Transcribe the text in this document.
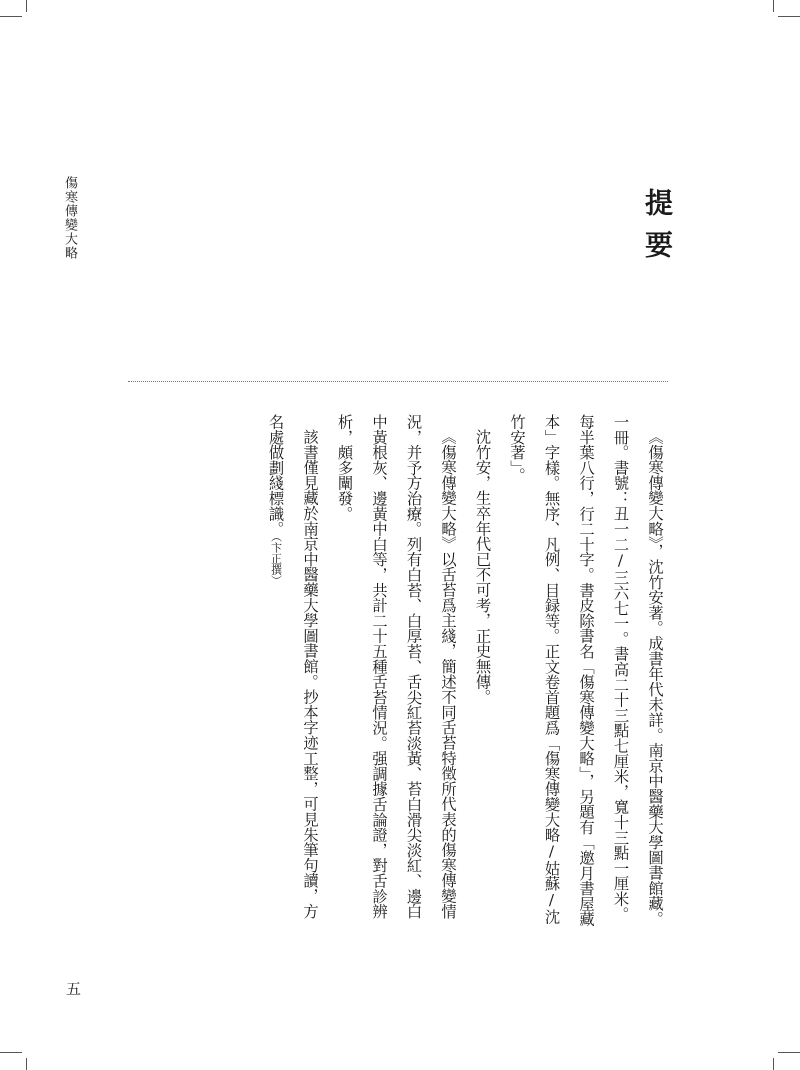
傷寒傳變大略	提要

《傷寒傳變大略》，沈竹安著。成書年代未詳。南京中醫藥大學圖書館藏。一冊。書號：丑一二/三六七一。書高二十三點七厘米，寬十三點一厘米。每半葉八行，行二十字。書皮除書名「傷寒傳變大略」，另題有「邀月書屋藏本」字樣。無序、凡例、目録等。正文卷首題爲「傷寒傳變大略/姑蘇/沈竹安著」。

沈竹安，生卒年代已不可考，正史無傳。

《傷寒傳變大略》以舌苔爲主綫，簡述不同舌苔特徵所代表的傷寒傳變情況，并予方治療。列有白苔、白厚苔、舌尖紅苔淡黃、苔白滑尖淡紅、邊白中黃根灰、邊黃中白等，共計二十五種舌苔情況。强調據舌論證，對舌診辨析，頗多闡發。

該書僅見藏於南京中醫藥大學圖書館。抄本字迹工整，可見朱筆句讀，方名處做劃綫標識。（卞正撰）

五
